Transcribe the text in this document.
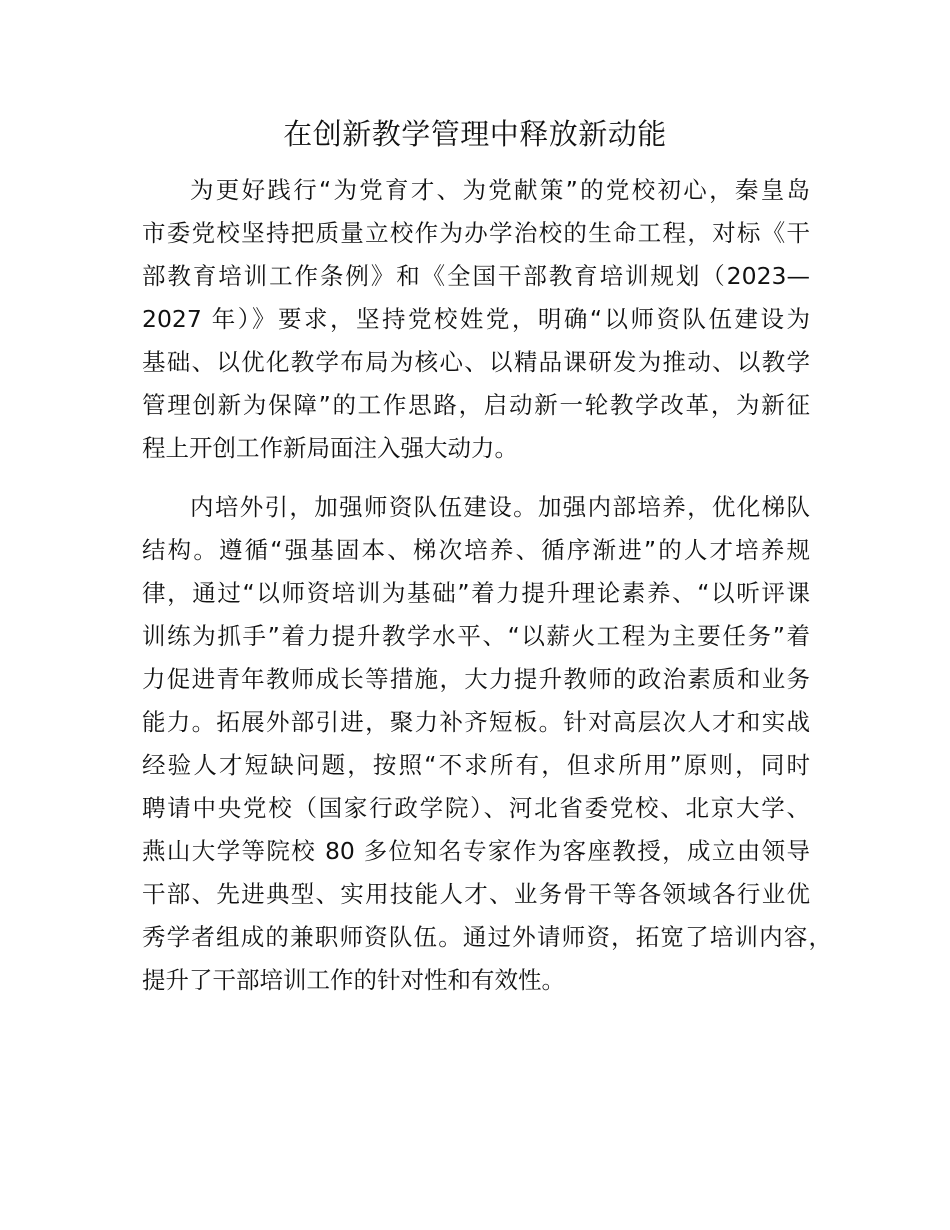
在创新教学管理中释放新动能
为更好践行“为党育才、为党献策”的党校初心，秦皇岛
市委党校坚持把质量立校作为办学治校的生命工程，对标《干
部教育培训工作条例》和《全国干部教育培训规划（2023—
2027 年）》要求，坚持党校姓党，明确“以师资队伍建设为
基础、以优化教学布局为核心、以精品课研发为推动、以教学
管理创新为保障”的工作思路，启动新一轮教学改革，为新征
程上开创工作新局面注入强大动力。
内培外引，加强师资队伍建设。加强内部培养，优化梯队
结构。遵循“强基固本、梯次培养、循序渐进”的人才培养规
律，通过“以师资培训为基础”着力提升理论素养、“以听评课
训练为抓手”着力提升教学水平、“以薪火工程为主要任务”着
力促进青年教师成长等措施，大力提升教师的政治素质和业务
能力。拓展外部引进，聚力补齐短板。针对高层次人才和实战
经验人才短缺问题，按照“不求所有，但求所用”原则，同时
聘请中央党校（国家行政学院）、河北省委党校、北京大学、
燕山大学等院校 80 多位知名专家作为客座教授，成立由领导
干部、先进典型、实用技能人才、业务骨干等各领域各行业优
秀学者组成的兼职师资队伍。通过外请师资，拓宽了培训内容，
提升了干部培训工作的针对性和有效性。
